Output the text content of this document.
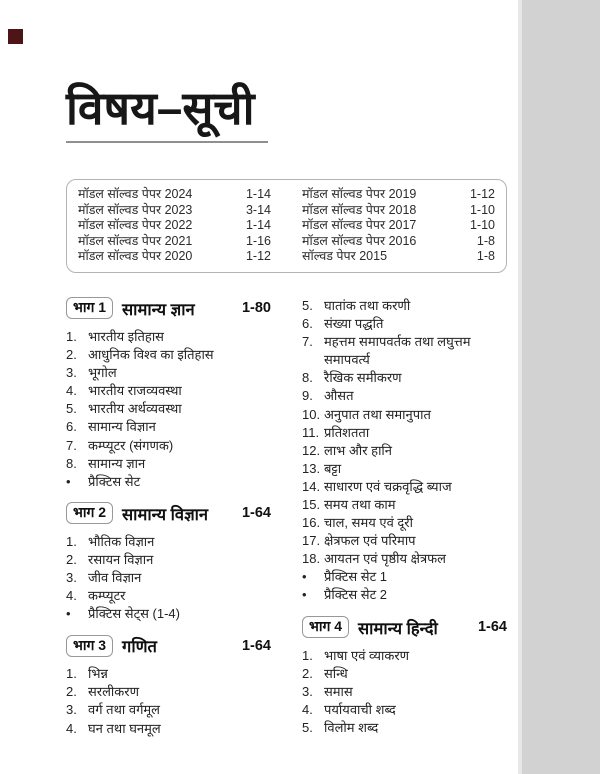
विषय–सूची
मॉडल सॉल्वड पेपर 2024	1-14
मॉडल सॉल्वड पेपर 2023	3-14
मॉडल सॉल्वड पेपर 2022	1-14
मॉडल सॉल्वड पेपर 2021	1-16
मॉडल सॉल्वड पेपर 2020	1-12
मॉडल सॉल्वड पेपर 2019	1-12
मॉडल सॉल्वड पेपर 2018	1-10
मॉडल सॉल्वड पेपर 2017	1-10
मॉडल सॉल्वड पेपर 2016	1-8
सॉल्वड पेपर 2015	1-8
भाग 1 सामान्य ज्ञान	1-80
1. भारतीय इतिहास
2. आधुनिक विश्व का इतिहास
3. भूगोल
4. भारतीय राजव्यवस्था
5. भारतीय अर्थव्यवस्था
6. सामान्य विज्ञान
7. कम्प्यूटर (संगणक)
8. सामान्य ज्ञान
•	प्रैक्टिस सेट
भाग 2 सामान्य विज्ञान 1-64
1. भौतिक विज्ञान
2. रसायन विज्ञान
3. जीव विज्ञान
4. कम्प्यूटर
•	प्रैक्टिस सेट्स (1-4)
भाग 3 गणित	1-64
1. भिन्न
2. सरलीकरण
3. वर्ग तथा वर्गमूल
4. घन तथा घनमूल
5. घातांक तथा करणी
6. संख्या पद्धति
7. महत्तम समापवर्तक तथा लघुत्तम समापवर्त्य
8. रैखिक समीकरण
9. औसत
10. अनुपात तथा समानुपात
11. प्रतिशतता
12. लाभ और हानि
13. बट्टा
14. साधारण एवं चक्रवृद्धि ब्याज
15. समय तथा काम
16. चाल, समय एवं दूरी
17. क्षेत्रफल एवं परिमाप
18. आयतन एवं पृष्ठीय क्षेत्रफल
•	प्रैक्टिस सेट 1
•	प्रैक्टिस सेट 2
भाग 4 सामान्य हिन्दी	1-64
1. भाषा एवं व्याकरण
2. सन्धि
3. समास
4. पर्यायवाची शब्द
5. विलोम शब्द
